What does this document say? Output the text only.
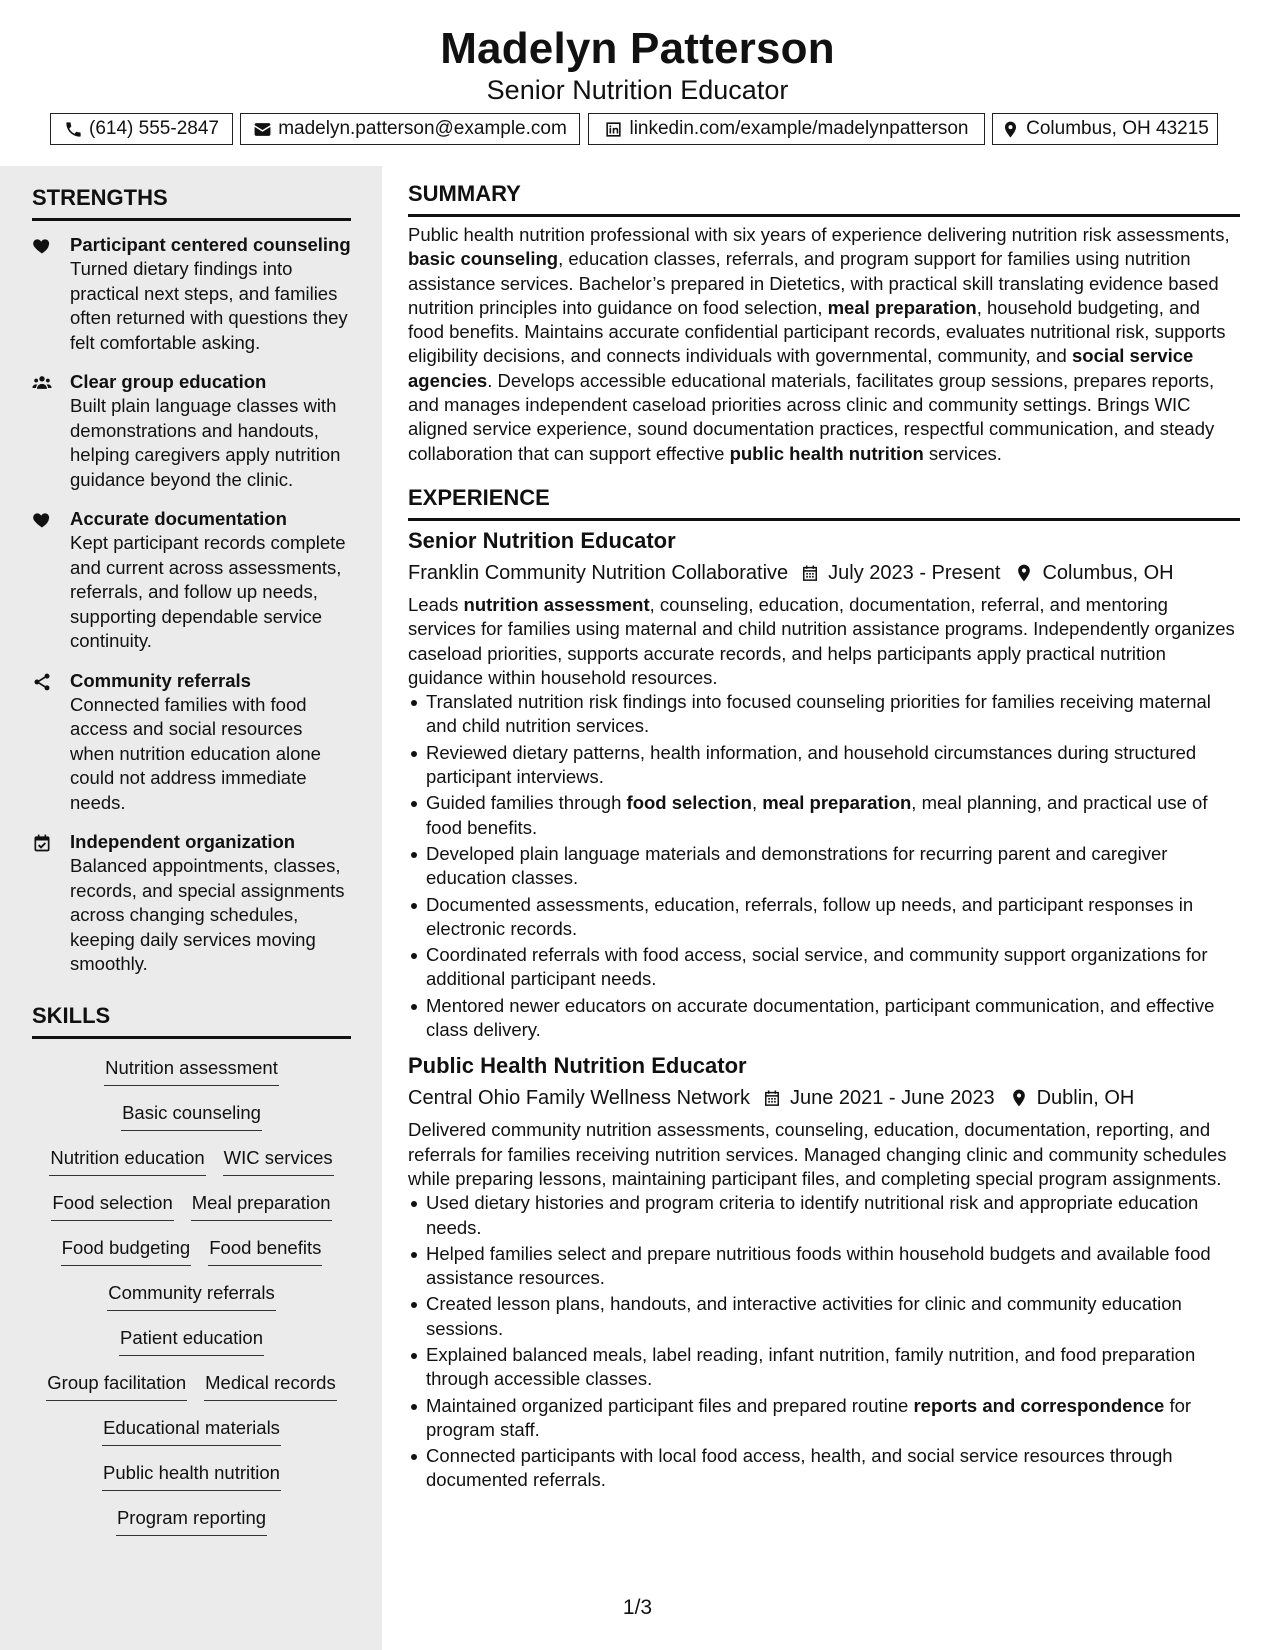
Madelyn Patterson
Senior Nutrition Educator
(614) 555-2847	madelyn.patterson@example.com	linkedin.com/example/madelynpatterson	Columbus, OH 43215
STRENGTHS
Participant centered counseling
Turned dietary findings into practical next steps, and families often returned with questions they felt comfortable asking.
Clear group education
Built plain language classes with demonstrations and handouts, helping caregivers apply nutrition guidance beyond the clinic.
Accurate documentation
Kept participant records complete and current across assessments, referrals, and follow up needs, supporting dependable service continuity.
Community referrals
Connected families with food access and social resources when nutrition education alone could not address immediate needs.
Independent organization
Balanced appointments, classes, records, and special assignments across changing schedules, keeping daily services moving smoothly.
SKILLS
Nutrition assessment
Basic counseling
Nutrition education WIC services
Food selection Meal preparation
Food budgeting Food benefits
Community referrals
Patient education
Group facilitation Medical records
Educational materials
Public health nutrition
Program reporting
SUMMARY
Public health nutrition professional with six years of experience delivering nutrition risk assessments, basic counseling, education classes, referrals, and program support for families using nutrition assistance services. Bachelor’s prepared in Dietetics, with practical skill translating evidence based nutrition principles into guidance on food selection, meal preparation, household budgeting, and food benefits. Maintains accurate confidential participant records, evaluates nutritional risk, supports eligibility decisions, and connects individuals with governmental, community, and social service agencies. Develops accessible educational materials, facilitates group sessions, prepares reports, and manages independent caseload priorities across clinic and community settings. Brings WIC aligned service experience, sound documentation practices, respectful communication, and steady collaboration that can support effective public health nutrition services.
EXPERIENCE
Senior Nutrition Educator
Franklin Community Nutrition Collaborative July 2023 - Present Columbus, OH
Leads nutrition assessment, counseling, education, documentation, referral, and mentoring services for families using maternal and child nutrition assistance programs. Independently organizes caseload priorities, supports accurate records, and helps participants apply practical nutrition guidance within household resources.
Translated nutrition risk findings into focused counseling priorities for families receiving maternal and child nutrition services.
Reviewed dietary patterns, health information, and household circumstances during structured participant interviews.
Guided families through food selection, meal preparation, meal planning, and practical use of food benefits.
Developed plain language materials and demonstrations for recurring parent and caregiver education classes.
Documented assessments, education, referrals, follow up needs, and participant responses in electronic records.
Coordinated referrals with food access, social service, and community support organizations for additional participant needs.
Mentored newer educators on accurate documentation, participant communication, and effective class delivery.
Public Health Nutrition Educator
Central Ohio Family Wellness Network June 2021 - June 2023 Dublin, OH
Delivered community nutrition assessments, counseling, education, documentation, reporting, and referrals for families receiving nutrition services. Managed changing clinic and community schedules while preparing lessons, maintaining participant files, and completing special program assignments.
Used dietary histories and program criteria to identify nutritional risk and appropriate education needs.
Helped families select and prepare nutritious foods within household budgets and available food assistance resources.
Created lesson plans, handouts, and interactive activities for clinic and community education sessions.
Explained balanced meals, label reading, infant nutrition, family nutrition, and food preparation through accessible classes.
Maintained organized participant files and prepared routine reports and correspondence for program staff.
Connected participants with local food access, health, and social service resources through documented referrals.
1/3
